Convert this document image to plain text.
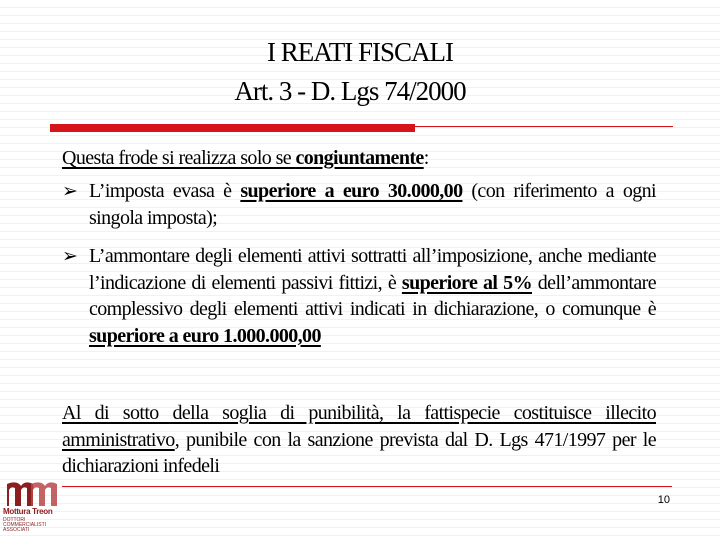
I REATI FISCALI
Art. 3 - D. Lgs 74/2000
Questa frode si realizza solo se congiuntamente:
➢ L’imposta evasa è superiore a euro 30.000,00 (con riferimento a ogni singola imposta);
➢ L’ammontare degli elementi attivi sottratti all’imposizione, anche mediante l’indicazione di elementi passivi fittizi, è superiore al 5% dell’ammontare complessivo degli elementi attivi indicati in dichiarazione, o comunque è superiore a euro 1.000.000,00
Al di sotto della soglia di punibilità, la fattispecie costituisce illecito amministrativo, punibile con la sanzione prevista dal D. Lgs 471/1997 per le dichiarazioni infedeli
10
Mottura Treon
DOTTORI COMMERCIALISTI ASSOCIATI
